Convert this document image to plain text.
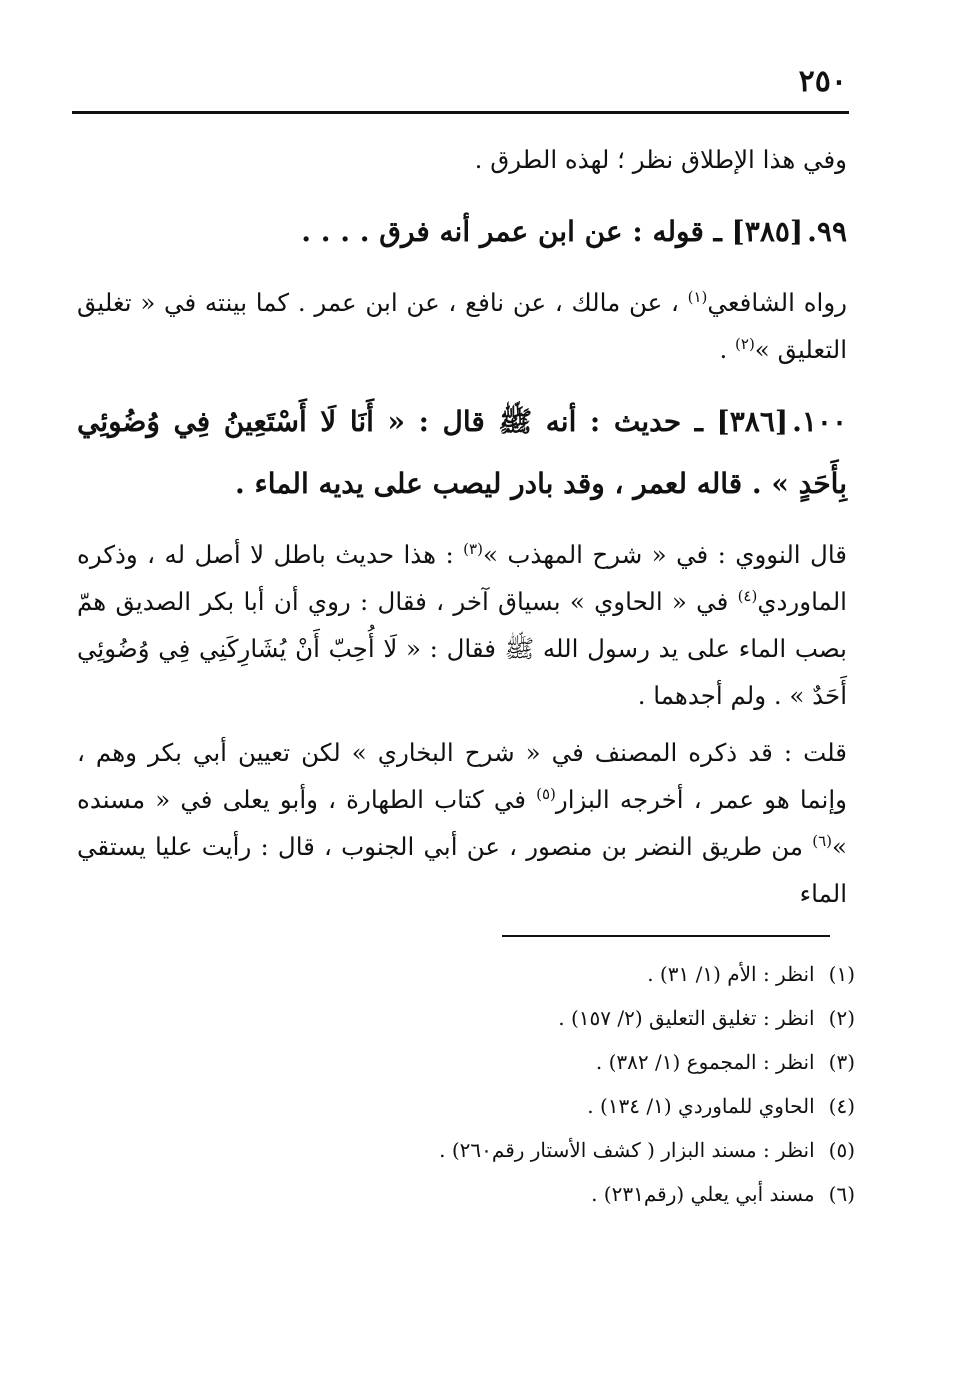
٢٥٠

وفي هذا الإطلاق نظر ؛ لهذه الطرق .

٩٩.[٣٨٥] ـ قوله : عن ابن عمر أنه فرق . . . .

رواه الشافعي$^{(١)}$ ، عن مالك ، عن نافع ، عن ابن عمر . كما بينته في « تغليق التعليق »$^{(٢)}$ .

١٠٠.[٣٨٦] ـ حديث : أنه ﷺ قال : « أَنَا لَا أَسْتَعِينُ فِي وُضُوئِي بِأَحَدٍ » . قاله لعمر ، وقد بادر ليصب على يديه الماء .

قال النووي : في « شرح المهذب »$^{(٣)}$ : هذا حديث باطل لا أصل له ، وذكره الماوردي$^{(٤)}$ في « الحاوي » بسياق آخر ، فقال : روي أن أبا بكر الصديق همّ بصب الماء على يد رسول الله ﷺ فقال : « لَا أُحِبّ أَنْ يُشَارِكَنِي فِي وُضُوئِي أَحَدٌ » . ولم أجدهما .

قلت : قد ذكره المصنف في « شرح البخاري » لكن تعيين أبي بكر وهم ، وإنما هو عمر ، أخرجه البزار$^{(٥)}$ في كتاب الطهارة ، وأبو يعلى في « مسنده »$^{(٦)}$ من طريق النضر بن منصور ، عن أبي الجنوب ، قال : رأيت عليا يستقي الماء

(١)انظر : الأم (١/ ٣١) .
(٢)انظر : تغليق التعليق (٢/ ١٥٧) .
(٣)انظر : المجموع (١/ ٣٨٢) .
(٤)الحاوي للماوردي (١/ ١٣٤) .
(٥)انظر : مسند البزار ( كشف الأستار رقم٢٦٠) .
(٦)مسند أبي يعلي (رقم٢٣١) .
